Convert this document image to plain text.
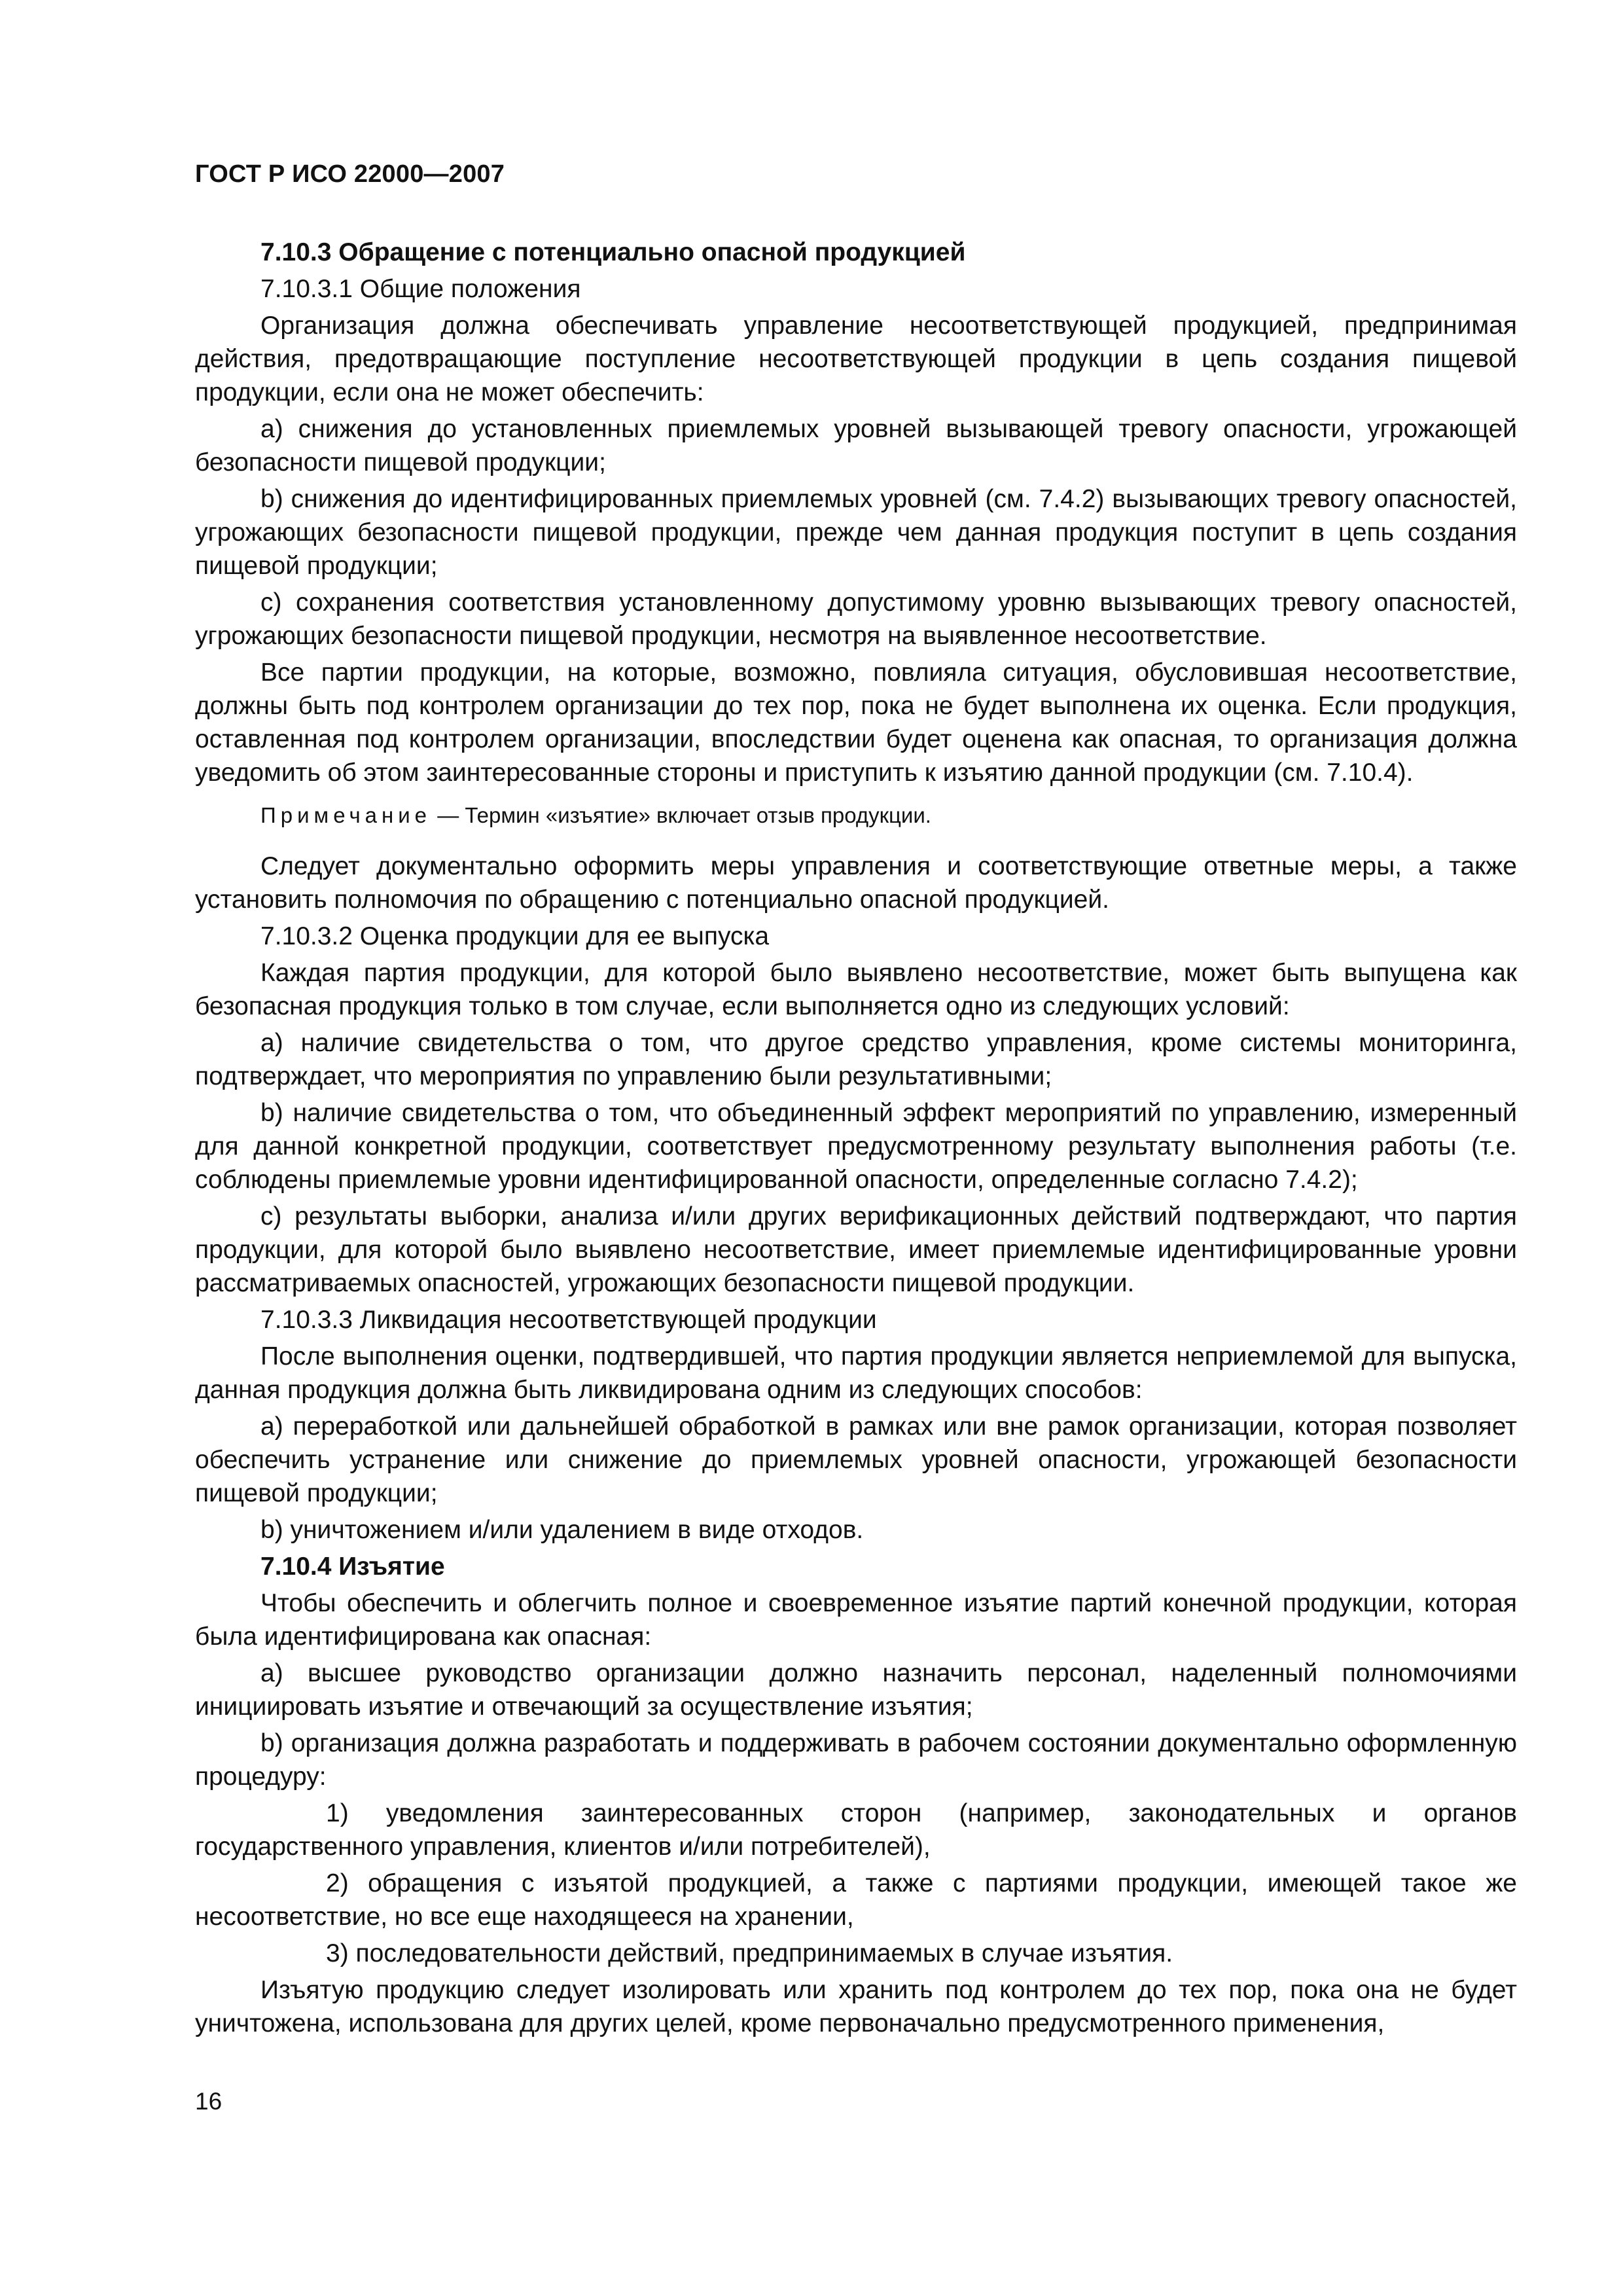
ГОСТ Р ИСО 22000—2007

7.10.3 Обращение с потенциально опасной продукцией

7.10.3.1 Общие положения

Организация должна обеспечивать управление несоответствующей продукцией, предпринимая действия, предотвращающие поступление несоответствующей продукции в цепь создания пищевой продукции, если она не может обеспечить:

а) снижения до установленных приемлемых уровней вызывающей тревогу опасности, угрожающей безопасности пищевой продукции;

b) снижения до идентифицированных приемлемых уровней (см. 7.4.2) вызывающих тревогу опасностей, угрожающих безопасности пищевой продукции, прежде чем данная продукция поступит в цепь создания пищевой продукции;

с) сохранения соответствия установленному допустимому уровню вызывающих тревогу опасностей, угрожающих безопасности пищевой продукции, несмотря на выявленное несоответствие.

Все партии продукции, на которые, возможно, повлияла ситуация, обусловившая несоответствие, должны быть под контролем организации до тех пор, пока не будет выполнена их оценка. Если продукция, оставленная под контролем организации, впоследствии будет оценена как опасная, то организация должна уведомить об этом заинтересованные стороны и приступить к изъятию данной продукции (см. 7.10.4).

Примечание — Термин «изъятие» включает отзыв продукции.

Следует документально оформить меры управления и соответствующие ответные меры, а также установить полномочия по обращению с потенциально опасной продукцией.

7.10.3.2 Оценка продукции для ее выпуска

Каждая партия продукции, для которой было выявлено несоответствие, может быть выпущена как безопасная продукция только в том случае, если выполняется одно из следующих условий:

а) наличие свидетельства о том, что другое средство управления, кроме системы мониторинга, подтверждает, что мероприятия по управлению были результативными;

b) наличие свидетельства о том, что объединенный эффект мероприятий по управлению, измеренный для данной конкретной продукции, соответствует предусмотренному результату выполнения работы (т.е. соблюдены приемлемые уровни идентифицированной опасности, определенные согласно 7.4.2);

с) результаты выборки, анализа и/или других верификационных действий подтверждают, что партия продукции, для которой было выявлено несоответствие, имеет приемлемые идентифицированные уровни рассматриваемых опасностей, угрожающих безопасности пищевой продукции.

7.10.3.3 Ликвидация несоответствующей продукции

После выполнения оценки, подтвердившей, что партия продукции является неприемлемой для выпуска, данная продукция должна быть ликвидирована одним из следующих способов:

а) переработкой или дальнейшей обработкой в рамках или вне рамок организации, которая позволяет обеспечить устранение или снижение до приемлемых уровней опасности, угрожающей безопасности пищевой продукции;

b) уничтожением и/или удалением в виде отходов.

7.10.4 Изъятие

Чтобы обеспечить и облегчить полное и своевременное изъятие партий конечной продукции, которая была идентифицирована как опасная:

а) высшее руководство организации должно назначить персонал, наделенный полномочиями инициировать изъятие и отвечающий за осуществление изъятия;

b) организация должна разработать и поддерживать в рабочем состоянии документально оформленную процедуру:

1) уведомления заинтересованных сторон (например, законодательных и органов государственного управления, клиентов и/или потребителей),

2) обращения с изъятой продукцией, а также с партиями продукции, имеющей такое же несоответствие, но все еще находящееся на хранении,

3) последовательности действий, предпринимаемых в случае изъятия.

Изъятую продукцию следует изолировать или хранить под контролем до тех пор, пока она не будет уничтожена, использована для других целей, кроме первоначально предусмотренного применения,

16
